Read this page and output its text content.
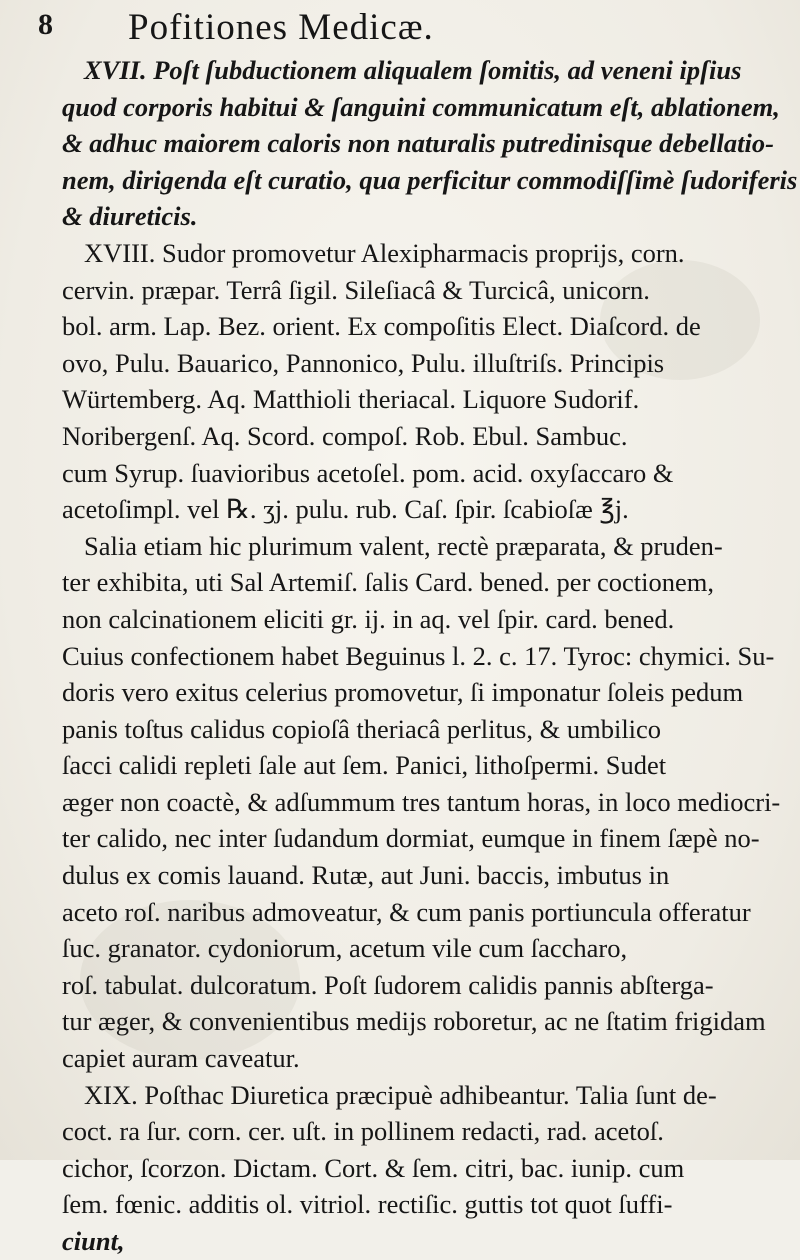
8 Pofitiones Medicæ.

XVII. Poſt ſubductionem aliqualem ſomitis, ad veneni ipſius
quod corporis habitui & ſanguini communicatum eſt, ablationem,
& adhuc maiorem caloris non naturalis putredinisque debellatio-
nem, dirigenda eſt curatio, qua perficitur commodiſſimè ſudoriferis
& diureticis.

XVIII. Sudor promovetur Alexipharmacis proprijs, corn.
cervin. præpar. Terrâ ſigil. Sileſiacâ & Turcicâ, unicorn.
bol. arm. Lap. Bez. orient. Ex compoſitis Elect. Diaſcord. de
ovo, Pulu. Bauarico, Pannonico, Pulu. illuſtriſs. Principis
Würtemberg. Aq. Matthioli theriacal. Liquore Sudorif.
Noribergenſ. Aq. Scord. compoſ. Rob. Ebul. Sambuc.
cum Syrup. ſuavioribus acetoſel. pom. acid. oxyſaccaro &
acetoſimpl. vel ℞. ʒj. pulu. rub. Caſ. ſpir. ſcabioſæ ℥j.

Salia etiam hic plurimum valent, rectè præparata, & pruden-
ter exhibita, uti Sal Artemiſ. ſalis Card. bened. per coctionem,
non calcinationem eliciti gr. ij. in aq. vel ſpir. card. bened.
Cuius confectionem habet Beguinus l. 2. c. 17. Tyroc: chymici. Su-
doris vero exitus celerius promovetur, ſi imponatur ſoleis pedum
panis toſtus calidus copioſâ theriacâ perlitus, & umbilico
ſacci calidi repleti ſale aut ſem. Panici, lithoſpermi. Sudet
æger non coactè, & adſummum tres tantum horas, in loco mediocri-
ter calido, nec inter ſudandum dormiat, eumque in finem ſæpè no-
dulus ex comis lauand. Rutæ, aut Juni. baccis, imbutus in
aceto roſ. naribus admoveatur, & cum panis portiuncula offeratur
ſuc. granator. cydoniorum, acetum vile cum ſaccharo,
roſ. tabulat. dulcoratum. Poſt ſudorem calidis pannis abſterga-
tur æger, & convenientibus medijs roboretur, ac ne ſtatim frigidam
capiet auram caveatur.

XIX. Poſthac Diuretica præcipuè adhibeantur. Talia ſunt de-
coct. ra ſur. corn. cer. uſt. in pollinem redacti, rad. acetoſ.
cichor, ſcorzon. Dictam. Cort. & ſem. citri, bac. iunip. cum
ſem. fœnic. additis ol. vitriol. rectiſic. guttis tot quot ſuffi-

ciunt,
